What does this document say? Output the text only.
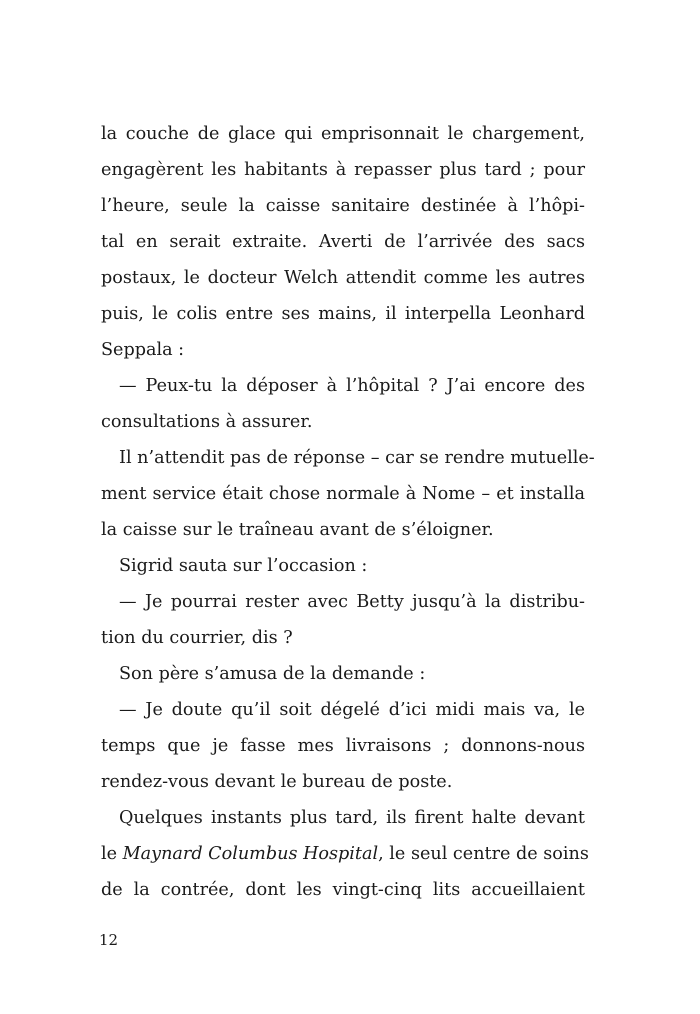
la couche de glace qui emprisonnait le chargement,
engagèrent les habitants à repasser plus tard ; pour
l’heure, seule la caisse sanitaire destinée à l’hôpi-
tal en serait extraite. Averti de l’arrivée des sacs
postaux, le docteur Welch attendit comme les autres
puis, le colis entre ses mains, il interpella Leonhard
Seppala :
— Peux-tu la déposer à l’hôpital ? J’ai encore des
consultations à assurer.
Il n’attendit pas de réponse – car se rendre mutuelle-
ment service était chose normale à Nome – et installa
la caisse sur le traîneau avant de s’éloigner.
Sigrid sauta sur l’occasion :
— Je pourrai rester avec Betty jusqu’à la distribu-
tion du courrier, dis ?
Son père s’amusa de la demande :
— Je doute qu’il soit dégelé d’ici midi mais va, le
temps que je fasse mes livraisons ; donnons-nous
rendez-vous devant le bureau de poste.
Quelques instants plus tard, ils firent halte devant
le Maynard Columbus Hospital, le seul centre de soins
de la contrée, dont les vingt-cinq lits accueillaient
12
